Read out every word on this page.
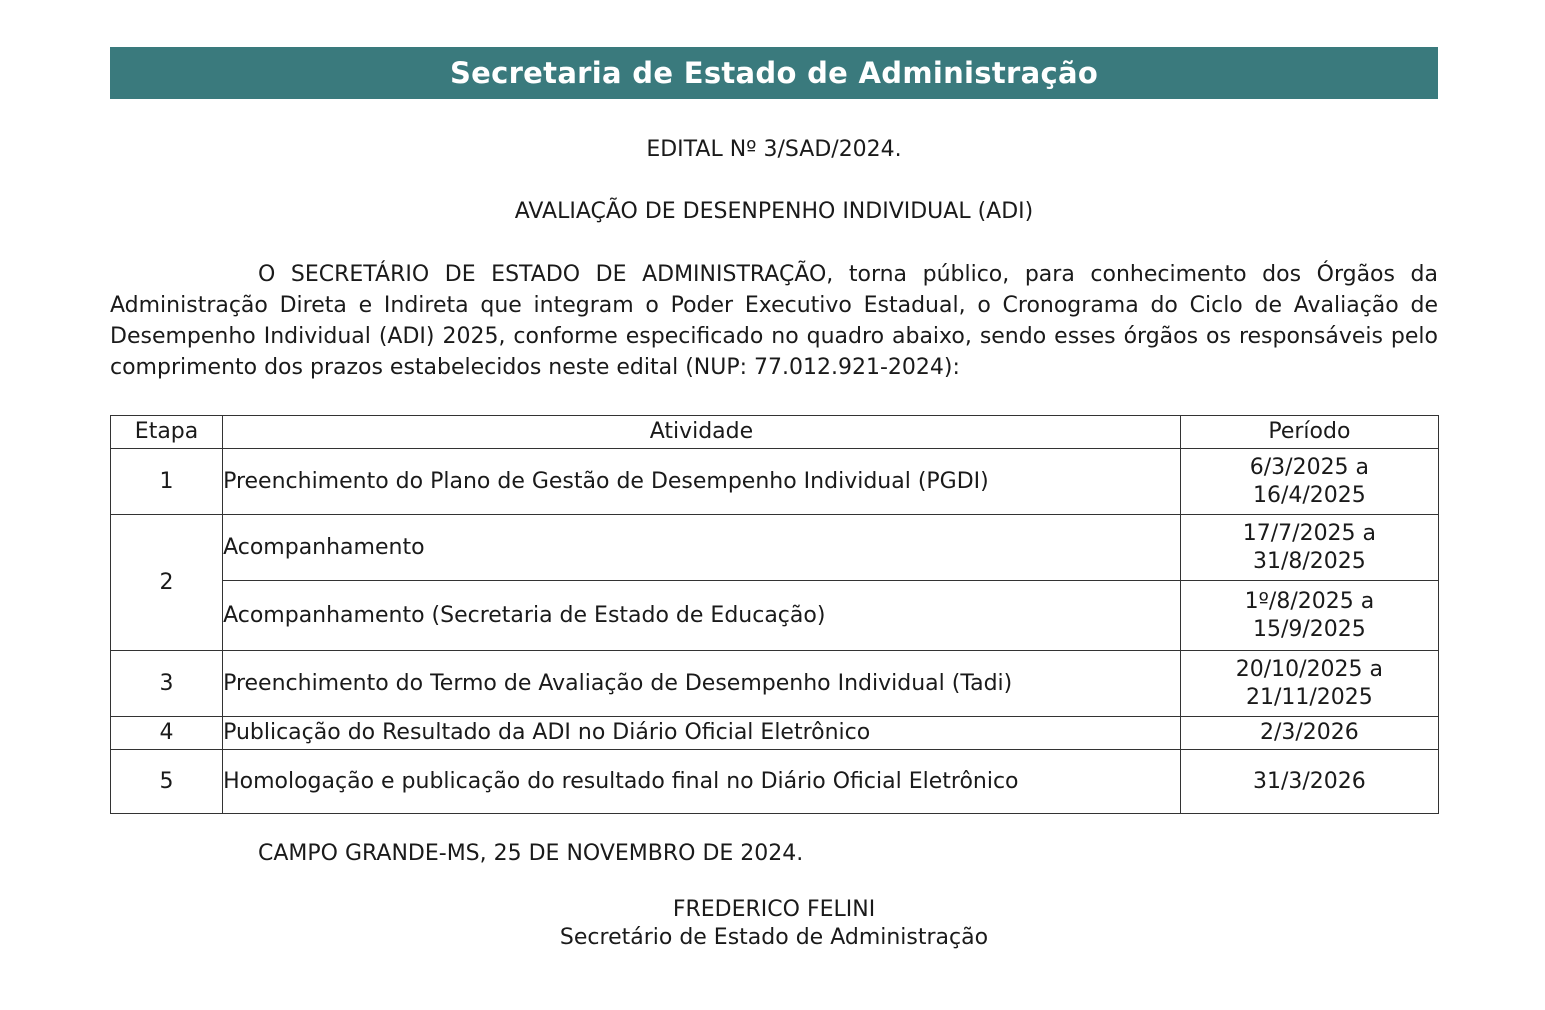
Secretaria de Estado de Administração
EDITAL Nº 3/SAD/2024.
AVALIAÇÃO DE DESENPENHO INDIVIDUAL (ADI)

O SECRETÁRIO DE ESTADO DE ADMINISTRAÇÃO, torna público, para conhecimento dos Órgãos da Administração Direta e Indireta que integram o Poder Executivo Estadual, o Cronograma do Ciclo de Avaliação de Desempenho Individual (ADI) 2025, conforme especificado no quadro abaixo, sendo esses órgãos os responsáveis pelo comprimento dos prazos estabelecidos neste edital (NUP: 77.012.921-2024):

Etapa	Atividade	Período
1	Preenchimento do Plano de Gestão de Desempenho Individual (PGDI)	6/3/2025 a
16/4/2025

2	Acompanhamento	17/7/2025 a
31/8/2025

	Acompanhamento (Secretaria de Estado de Educação)	1º/8/2025 a
15/9/2025

3	Preenchimento do Termo de Avaliação de Desempenho Individual (Tadi)	20/10/2025 a
21/11/2025

4	Publicação do Resultado da ADI no Diário Oficial Eletrônico	2/3/2026
5	Homologação e publicação do resultado final no Diário Oficial Eletrônico	31/3/2026
CAMPO GRANDE-MS, 25 DE NOVEMBRO DE 2024.
FREDERICO FELINI
Secretário de Estado de Administração
